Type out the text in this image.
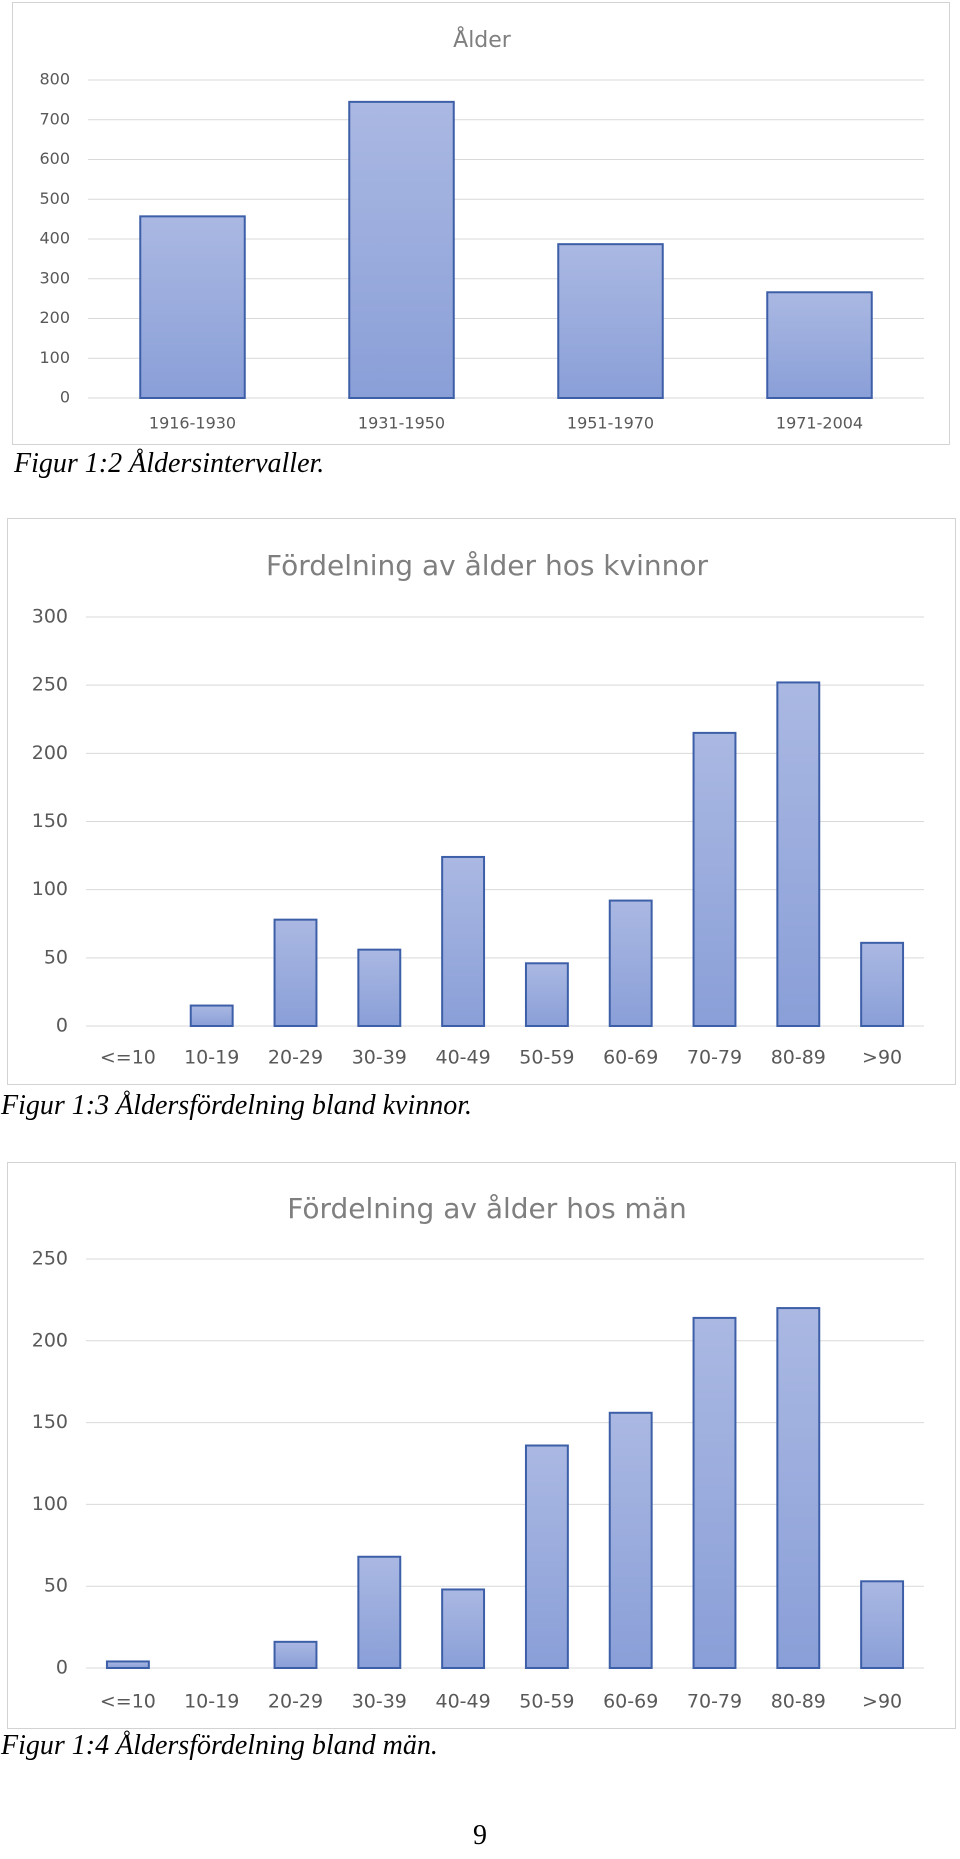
Ålder
0
100
200
300
400
500
600
700
800
1916-1930	1931-1950	1951-1970	1971-2004
Figur 1:2 Åldersintervaller.
Fördelning av ålder hos kvinnor
0
50
100
150
200
250
300
<=10 10-19 20-29 30-39 40-49 50-59 60-69 70-79 80-89 >90
Figur 1:3 Åldersfördelning bland kvinnor.
Fördelning av ålder hos män
0
50
100
150
200
250
<=10 10-19 20-29 30-39 40-49 50-59 60-69 70-79 80-89 >90
Figur 1:4 Åldersfördelning bland män.
9
